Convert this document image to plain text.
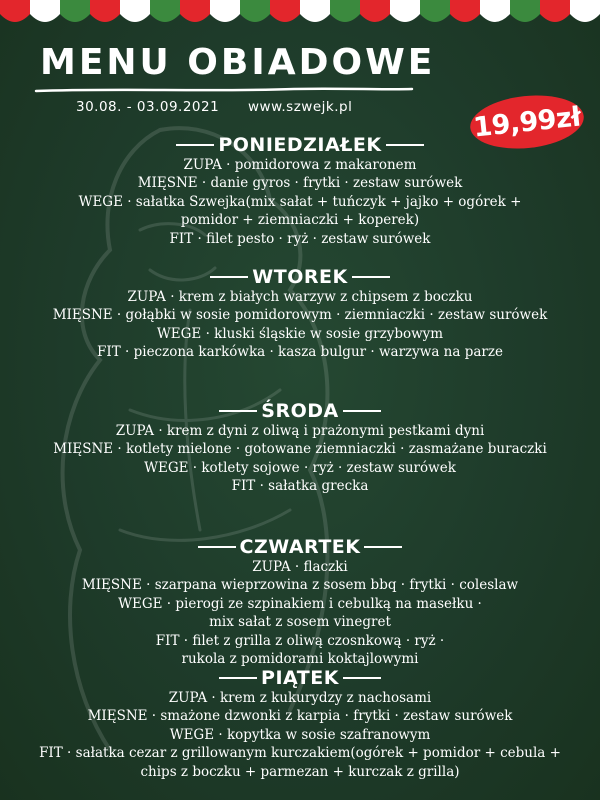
MENU OBIADOWE
30.08. - 03.09.2021 www.szwejk.pl	19,99zł
PONIEDZIAŁEK
ZUPA · pomidorowa z makaronem
MIĘSNE · danie gyros · frytki · zestaw surówek
WEGE · sałatka Szwejka(mix sałat + tuńczyk + jajko + ogórek +
pomidor + ziemniaczki + koperek)
FIT · filet pesto · ryż · zestaw surówek
WTOREK
ZUPA · krem z białych warzyw z chipsem z boczku
MIĘSNE · gołąbki w sosie pomidorowym · ziemniaczki · zestaw surówek
WEGE · kluski śląskie w sosie grzybowym
FIT · pieczona karkówka · kasza bulgur · warzywa na parze
ŚRODA
ZUPA · krem z dyni z oliwą i prażonymi pestkami dyni
MIĘSNE · kotlety mielone · gotowane ziemniaczki · zasmażane buraczki
WEGE · kotlety sojowe · ryż · zestaw surówek
FIT · sałatka grecka
CZWARTEK
ZUPA · flaczki
MIĘSNE · szarpana wieprzowina z sosem bbq · frytki · coleslaw
WEGE · pierogi ze szpinakiem i cebulką na masełku ·
mix sałat z sosem vinegret
FIT · filet z grilla z oliwą czosnkową · ryż ·
rukola z pomidorami koktajlowymi
PIĄTEK
ZUPA · krem z kukurydzy z nachosami
MIĘSNE · smażone dzwonki z karpia · frytki · zestaw surówek
WEGE · kopytka w sosie szafranowym
FIT · sałatka cezar z grillowanym kurczakiem(ogórek + pomidor + cebula +
chips z boczku + parmezan + kurczak z grilla)
